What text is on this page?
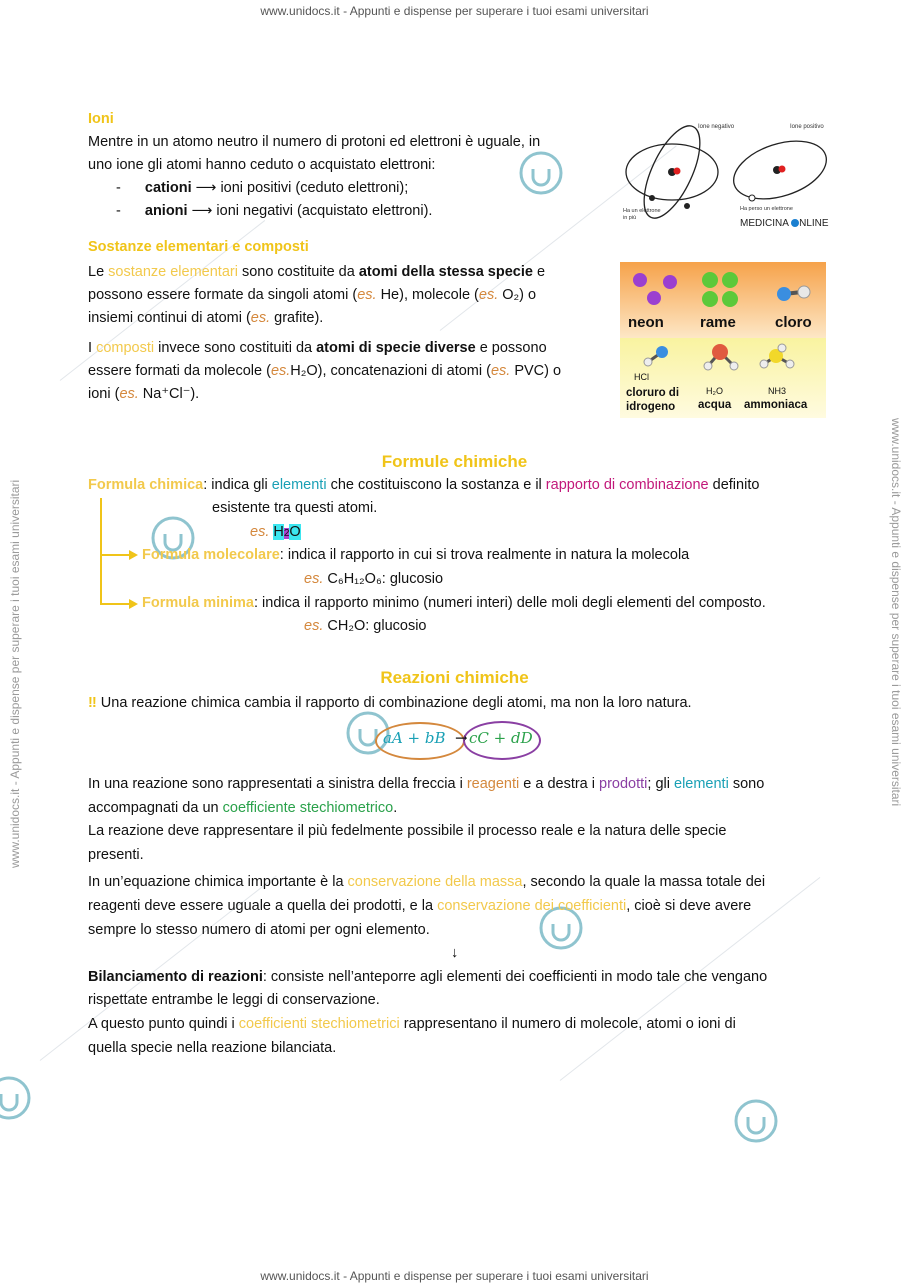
www.unidocs.it - Appunti e dispense per superare i tuoi esami universitari
www.unidocs.it - Appunti e dispense per superare i tuoi esami universitari
www.unidocs.it - Appunti e dispense per superare i tuoi esami universitari	www.unidocs.it - Appunti e dispense per superare i tuoi esami universitari
Ioni
Mentre in un atomo neutro il numero di protoni ed elettroni è uguale, in
uno ione gli atomi hanno ceduto o acquistato elettroni:
- cationi ⟶ ioni positivi (ceduto elettroni);
- anioni ⟶ ioni negativi (acquistato elettroni).
Ione negativo	Ione positivo
Ha un elettrone
in più
Ha perso un elettrone
MEDICINA NLINE
Sostanze elementari e composti
Le sostanze elementari sono costituite da atomi della stessa specie e
possono essere formate da singoli atomi (es. He), molecole (es. O₂) o
insiemi continui di atomi (es. grafite).
I composti invece sono costituiti da atomi di specie diverse e possono
essere formati da molecole (es.H₂O), concatenazioni di atomi (es. PVC) o
ioni (es. Na⁺Cl⁻).
neon rame	cloro
HCl
H₂O	NH3
cloruro di
idrogeno	acqua ammoniaca
Formule chimiche
Formula chimica: indica gli elementi che costituiscono la sostanza e il rapporto di combinazione definito
esistente tra questi atomi.
es. H2O
Formula molecolare: indica il rapporto in cui si trova realmente in natura la molecola
es. C₆H₁₂O₆: glucosio
Formula minima: indica il rapporto minimo (numeri interi) delle moli degli elementi del composto.
es. CH₂O: glucosio
Reazioni chimiche
‼ Una reazione chimica cambia il rapporto di combinazione degli atomi, ma non la loro natura.
aA + bB → cC + dD
In una reazione sono rappresentati a sinistra della freccia i reagenti e a destra i prodotti; gli elementi sono
accompagnati da un coefficiente stechiometrico.
La reazione deve rappresentare il più fedelmente possibile il processo reale e la natura delle specie
presenti.
In un’equazione chimica importante è la conservazione della massa, secondo la quale la massa totale dei
reagenti deve essere uguale a quella dei prodotti, e la conservazione dei coefficienti, cioè si deve avere
sempre lo stesso numero di atomi per ogni elemento.
↓
Bilanciamento di reazioni: consiste nell’anteporre agli elementi dei coefficienti in modo tale che vengano
rispettate entrambe le leggi di conservazione.
A questo punto quindi i coefficienti stechiometrici rappresentano il numero di molecole, atomi o ioni di
quella specie nella reazione bilanciata.
